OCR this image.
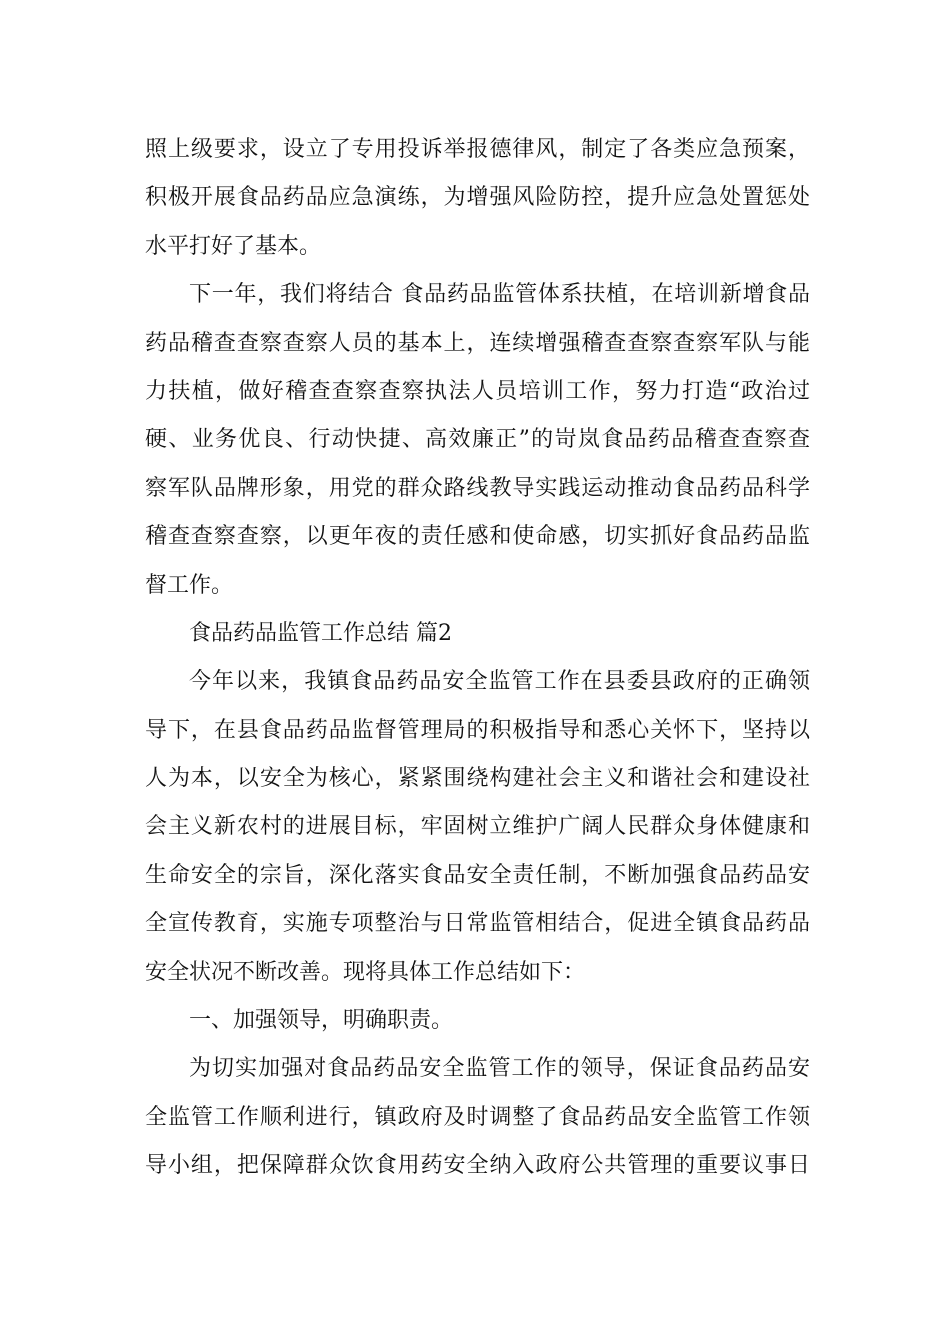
照上级要求，设立了专用投诉举报德律风，制定了各类应急预案，
积极开展食品药品应急演练，为增强风险防控，提升应急处置惩处
水平打好了基本。
下一年，我们将结合 食品药品监管体系扶植，在培训新增食品
药品稽查查察查察人员的基本上，连续增强稽查查察查察军队与能
力扶植，做好稽查查察查察执法人员培训工作，努力打造“政治过
硬、业务优良、行动快捷、高效廉正”的岢岚食品药品稽查查察查
察军队品牌形象，用党的群众路线教导实践运动推动食品药品科学
稽查查察查察，以更年夜的责任感和使命感，切实抓好食品药品监
督工作。
食品药品监管工作总结 篇2
今年以来，我镇食品药品安全监管工作在县委县政府的正确领
导下，在县食品药品监督管理局的积极指导和悉心关怀下，坚持以
人为本，以安全为核心，紧紧围绕构建社会主义和谐社会和建设社
会主义新农村的进展目标，牢固树立维护广阔人民群众身体健康和
生命安全的宗旨，深化落实食品安全责任制，不断加强食品药品安
全宣传教育，实施专项整治与日常监管相结合，促进全镇食品药品
安全状况不断改善。现将具体工作总结如下：
一、加强领导，明确职责。
为切实加强对食品药品安全监管工作的领导，保证食品药品安
全监管工作顺利进行，镇政府及时调整了食品药品安全监管工作领
导小组，把保障群众饮食用药安全纳入政府公共管理的重要议事日
